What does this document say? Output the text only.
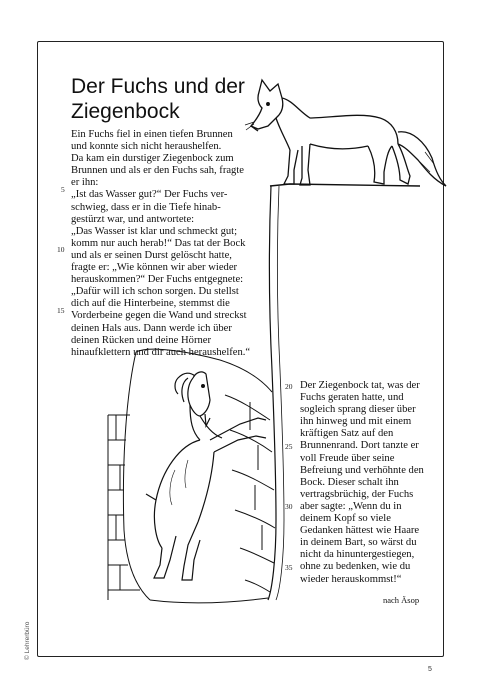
Der Fuchs und der
Ziegenbock
Ein Fuchs fiel in einen tiefen Brunnen
und konnte sich nicht heraushelfen.
Da kam ein durstiger Ziegenbock zum
Brunnen und als er den Fuchs sah, fragte
er ihn:
„Ist das Wasser gut?“ Der Fuchs ver-
schwieg, dass er in die Tiefe hinab-
gestürzt war, und antwortete:
„Das Wasser ist klar und schmeckt gut;
komm nur auch herab!“ Das tat der Bock
und als er seinen Durst gelöscht hatte,
fragte er: „Wie können wir aber wieder
herauskommen?“ Der Fuchs entgegnete:
„Dafür will ich schon sorgen. Du stellst
dich auf die Hinterbeine, stemmst die
Vorderbeine gegen die Wand und streckst
deinen Hals aus. Dann werde ich über
deinen Rücken und deine Hörner
hinaufklettern und dir auch heraushelfen.“
5
10
15
Der Ziegenbock tat, was der
Fuchs geraten hatte, und
sogleich sprang dieser über
ihn hinweg und mit einem
kräftigen Satz auf den
Brunnenrand. Dort tanzte er
voll Freude über seine
Befreiung und verhöhnte den
Bock. Dieser schalt ihn
vertragsbrüchig, der Fuchs
aber sagte: „Wenn du in
deinem Kopf so viele
Gedanken hättest wie Haare
in deinem Bart, so wärst du
nicht da hinuntergestiegen,
ohne zu bedenken, wie du
wieder herauskommst!“
20
25
30
35
nach Äsop
© Lehrerbüro
5
